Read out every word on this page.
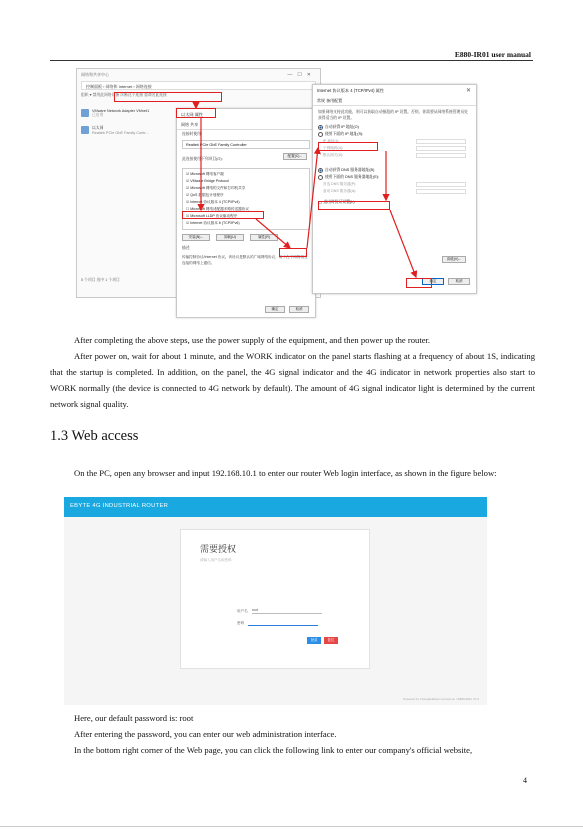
E880-IR01 user manual
网络和共享中心	—☐✕
控制面板 › 网络和 Internet › 网络连接
组织 ▾ 禁用此网络设备 诊断这个连接 重命名此连接
VMware Network Adapter VMnet1
已启用
以太网
Realtek PCIe GbE Family Contr...
5 个项目 选中 1 个项目
以太网 属性
网络 共享
连接时使用:
Realtek PCIe GbE Family Controller
配置(C)...
此连接使用下列项目(O):
☑ Microsoft 网络客户端
☑ VMware Bridge Protocol
☑ Microsoft 网络的文件和打印机共享
☑ QoS 数据包计划程序
☑ Internet 协议版本 4 (TCP/IPv4)
☐ Microsoft 网络适配器多路传送器协议
☑ Microsoft LLDP 协议驱动程序
☑ Internet 协议版本 6 (TCP/IPv6)
安装(N)...	卸载(U)	属性(R)
描述
传输控制协议/Internet 协议。该协议是默认的广域网络协议，用于在不同的相互连接的网络上通信。
确定	取消
Internet 协议版本 4 (TCP/IPv4) 属性	✕
常规 备用配置
如果网络支持此功能，则可以获取自动指派的 IP 设置。否则，你需要从网络系统管理员处获得适当的 IP 设置。
自动获得 IP 地址(O)
使用下面的 IP 地址(S):
IP 地址(I):
子网掩码(U):
默认网关(D):
自动获得 DNS 服务器地址(B)
使用下面的 DNS 服务器地址(E):
首选 DNS 服务器(P):
备用 DNS 服务器(A):
☐ 退出时验证设置(L)
高级(V)...
确定	取消

After completing the above steps, use the power supply of the equipment, and then power up the router.

After power on, wait for about 1 minute, and the WORK indicator on the panel starts flashing at a frequency of about 1S, indicating that the startup is completed. In addition, on the panel, the 4G signal indicator and the 4G indicator in network properties also start to WORK normally (the device is connected to 4G network by default). The amount of 4G signal indicator light is determined by the current network signal quality.

1.3 Web access

On the PC, open any browser and input 192.168.10.1 to enter our router Web login interface, as shown in the figure below:

EBYTE 4G INDUSTRIAL ROUTER
需要授权
请输入用户名和密码
用户名 root
密码
登录	复位
Powered by ChengduEbyte connect.eu / E880-IR01 V1.0

Here, our default password is: root

After entering the password, you can enter our web administration interface.

In the bottom right corner of the Web page, you can click the following link to enter our company's official website,

4
